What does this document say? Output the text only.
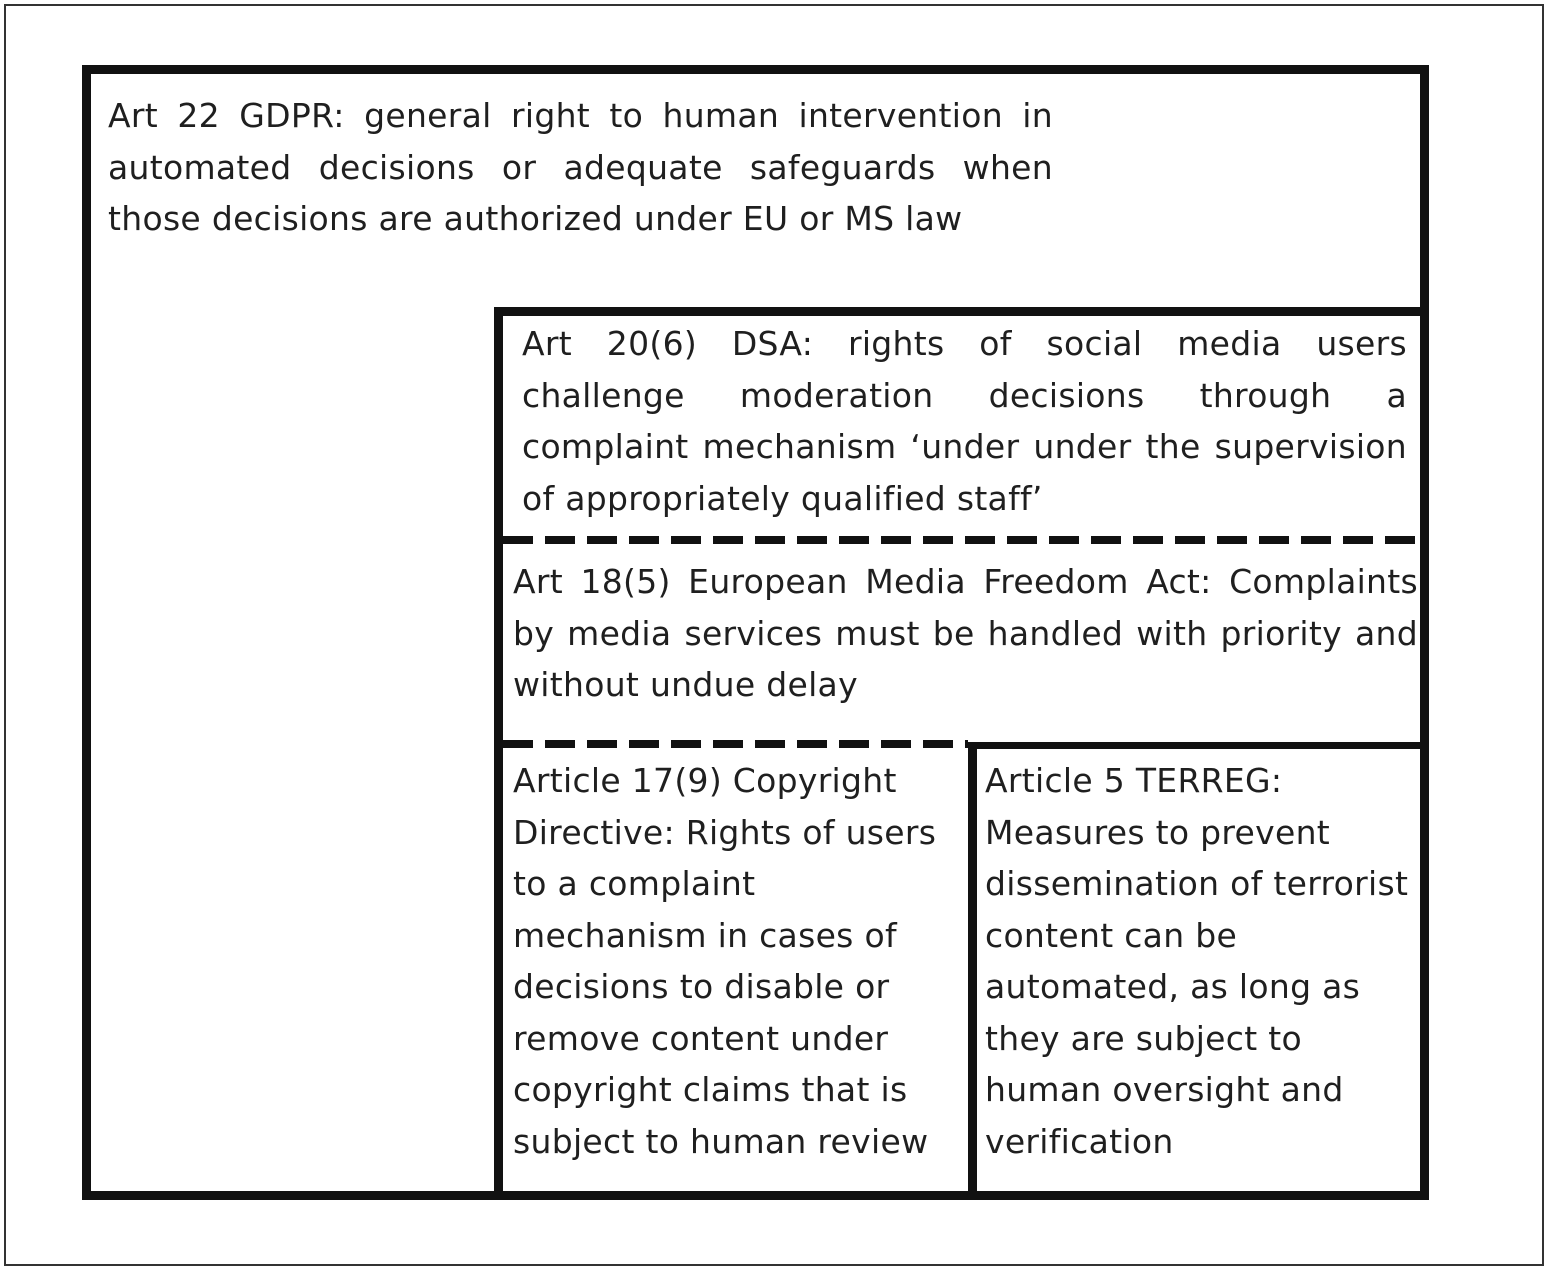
Art 22 GDPR: general right to human intervention in automated decisions or adequate safeguards when those decisions are authorized under EU or MS law
Art 20(6) DSA: rights of social media users challenge moderation decisions through a complaint mechanism ‘under under the supervision of appropriately qualified staff’
Art 18(5) European Media Freedom Act: Complaints by media services must be handled with priority and without undue delay
Article 17(9) Copyright Directive: Rights of users to a complaint mechanism in cases of decisions to disable or remove content under copyright claims that is subject to human review
Article 5 TERREG: Measures to prevent dissemination of terrorist content can be automated, as long as they are subject to human oversight and verification
